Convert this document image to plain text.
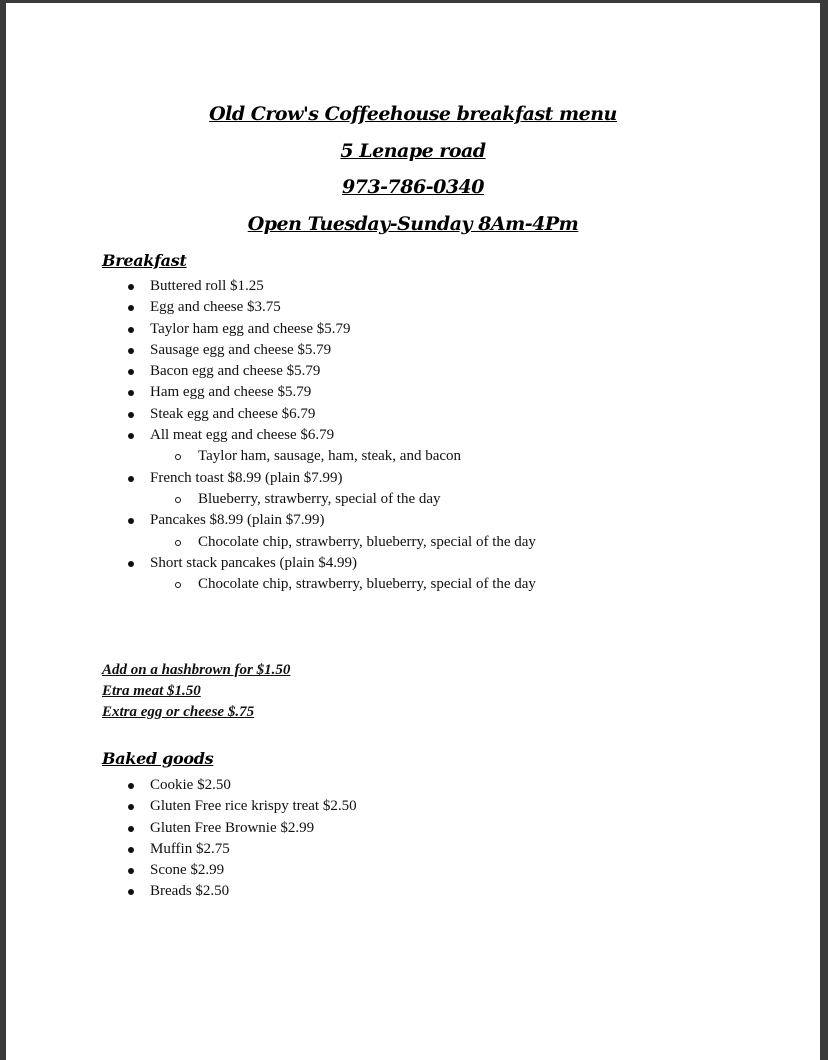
Old Crow's Coffeehouse breakfast menu
5 Lenape road
973-786-0340
Open Tuesday-Sunday 8Am-4Pm
Breakfast
Buttered roll $1.25
Egg and cheese $3.75
Taylor ham egg and cheese $5.79
Sausage egg and cheese $5.79
Bacon egg and cheese $5.79
Ham egg and cheese $5.79
Steak egg and cheese $6.79
All meat egg and cheese $6.79
Taylor ham, sausage, ham, steak, and bacon
French toast $8.99 (plain $7.99)
Blueberry, strawberry, special of the day
Pancakes $8.99 (plain $7.99)
Chocolate chip, strawberry, blueberry, special of the day
Short stack pancakes (plain $4.99)
Chocolate chip, strawberry, blueberry, special of the day
Add on a hashbrown for $1.50
Etra meat $1.50
Extra egg or cheese $.75
Baked goods
Cookie $2.50
Gluten Free rice krispy treat $2.50
Gluten Free Brownie $2.99
Muffin $2.75
Scone $2.99
Breads $2.50
